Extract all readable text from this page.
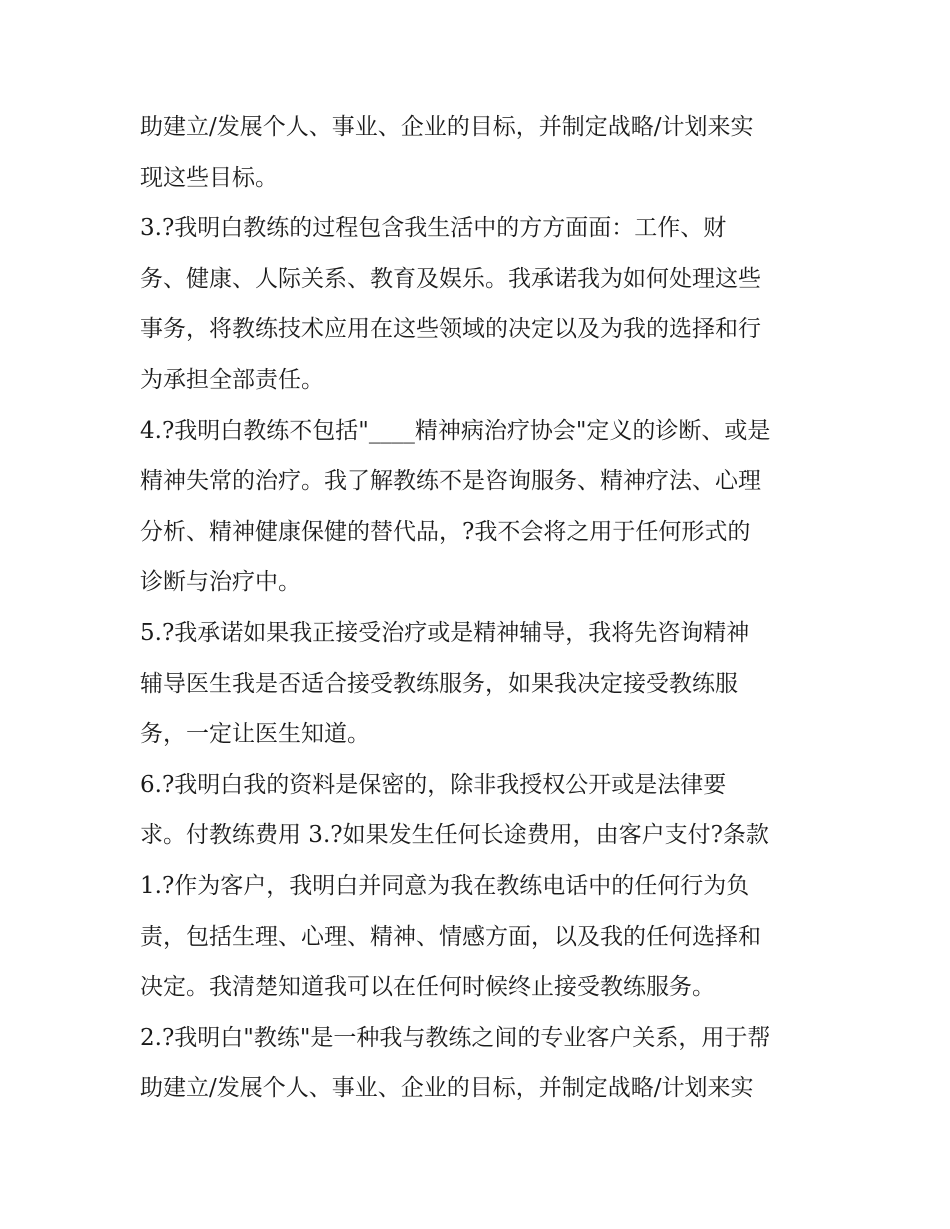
助建立/发展个人、事业、企业的目标，并制定战略/计划来实
现这些目标。
3.?我明白教练的过程包含我生活中的方方面面：工作、财
务、健康、人际关系、教育及娱乐。我承诺我为如何处理这些
事务，将教练技术应用在这些领域的决定以及为我的选择和行
为承担全部责任。
4.?我明白教练不包括"____精神病治疗协会"定义的诊断、或是
精神失常的治疗。我了解教练不是咨询服务、精神疗法、心理
分析、精神健康保健的替代品，?我不会将之用于任何形式的
诊断与治疗中。
5.?我承诺如果我正接受治疗或是精神辅导，我将先咨询精神
辅导医生我是否适合接受教练服务，如果我决定接受教练服
务，一定让医生知道。
6.?我明白我的资料是保密的，除非我授权公开或是法律要
求。付教练费用 3.?如果发生任何长途费用，由客户支付?条款
1.?作为客户，我明白并同意为我在教练电话中的任何行为负
责，包括生理、心理、精神、情感方面，以及我的任何选择和
决定。我清楚知道我可以在任何时候终止接受教练服务。
2.?我明白"教练"是一种我与教练之间的专业客户关系，用于帮
助建立/发展个人、事业、企业的目标，并制定战略/计划来实
